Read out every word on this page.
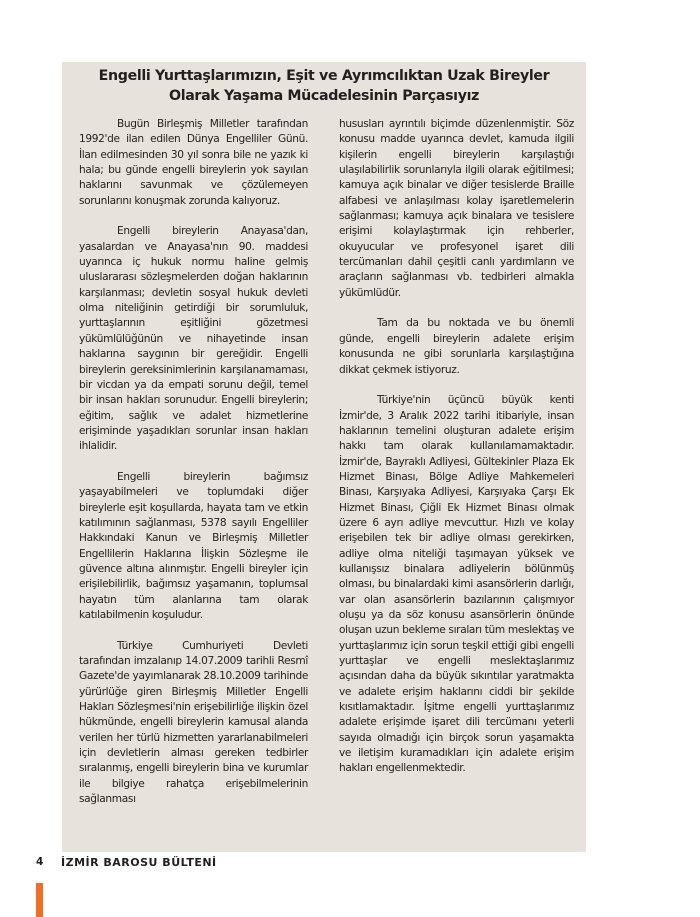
Engelli Yurttaşlarımızın, Eşit ve Ayrımcılıktan Uzak Bireyler
Olarak Yaşama Mücadelesinin Parçasıyız

Bugün Birleşmiş Milletler tarafından 1992'de ilan edilen Dünya Engelliler Günü. İlan edilmesinden 30 yıl sonra bile ne yazık ki hala; bu günde engelli bireylerin yok sayılan haklarını savunmak ve çözülemeyen sorunlarını konuşmak zorunda kalıyoruz.

Engelli bireylerin Anayasa'dan, yasalardan ve Anayasa'nın 90. maddesi uyarınca iç hukuk normu haline gelmiş uluslararası sözleşmelerden doğan haklarının karşılanması; devletin sosyal hukuk devleti olma niteliğinin getirdiği bir sorumluluk, yurttaşlarının eşitliğini gözetmesi yükümlülüğünün ve nihayetinde insan haklarına saygının bir gereğidir. Engelli bireylerin gereksinimlerinin karşılanamaması, bir vicdan ya da empati sorunu değil, temel bir insan hakları sorunudur. Engelli bireylerin; eğitim, sağlık ve adalet hizmetlerine erişiminde yaşadıkları sorunlar insan hakları ihlalidir.

Engelli bireylerin bağımsız yaşayabilmeleri ve toplumdaki diğer bireylerle eşit koşullarda, hayata tam ve etkin katılımının sağlanması, 5378 sayılı Engelliler Hakkındaki Kanun ve Birleşmiş Milletler Engellilerin Haklarına İlişkin Sözleşme ile güvence altına alınmıştır. Engelli bireyler için erişilebilirlik, bağımsız yaşamanın, toplumsal hayatın tüm alanlarına tam olarak katılabilmenin koşuludur.

Türkiye Cumhuriyeti Devleti tarafından imzalanıp 14.07.2009 tarihli Resmî Gazete'de yayımlanarak 28.10.2009 tarihinde yürürlüğe giren Birleşmiş Milletler Engelli Hakları Sözleşmesi'nin erişebilirliğe ilişkin özel hükmünde, engelli bireylerin kamusal alanda verilen her türlü hizmetten yararlanabilmeleri için devletlerin alması gereken tedbirler sıralanmış, engelli bireylerin bina ve kurumlar ile bilgiye rahatça erişebilmelerinin sağlanması

hususları ayrıntılı biçimde düzenlenmiştir. Söz konusu madde uyarınca devlet, kamuda ilgili kişilerin engelli bireylerin karşılaştığı ulaşılabilirlik sorunlarıyla ilgili olarak eğitilmesi; kamuya açık binalar ve diğer tesislerde Braille alfabesi ve anlaşılması kolay işaretlemelerin sağlanması; kamuya açık binalara ve tesislere erişimi kolaylaştırmak için rehberler, okuyucular ve profesyonel işaret dili tercümanları dahil çeşitli canlı yardımların ve araçların sağlanması vb. tedbirleri almakla yükümlüdür.

Tam da bu noktada ve bu önemli günde, engelli bireylerin adalete erişim konusunda ne gibi sorunlarla karşılaştığına dikkat çekmek istiyoruz.

Türkiye'nin üçüncü büyük kenti İzmir'de, 3 Aralık 2022 tarihi itibariyle, insan haklarının temelini oluşturan adalete erişim hakkı tam olarak kullanılamamaktadır. İzmir'de, Bayraklı Adliyesi, Gültekinler Plaza Ek Hizmet Binası, Bölge Adliye Mahkemeleri Binası, Karşıyaka Adliyesi, Karşıyaka Çarşı Ek Hizmet Binası, Çiğli Ek Hizmet Binası olmak üzere 6 ayrı adliye mevcuttur. Hızlı ve kolay erişebilen tek bir adliye olması gerekirken, adliye olma niteliği taşımayan yüksek ve kullanışsız binalara adliyelerin bölünmüş olması, bu binalardaki kimi asansörlerin darlığı, var olan asansörlerin bazılarının çalışmıyor oluşu ya da söz konusu asansörlerin önünde oluşan uzun bekleme sıraları tüm meslektaş ve yurttaşlarımız için sorun teşkil ettiği gibi engelli yurttaşlar ve engelli meslektaşlarımız açısından daha da büyük sıkıntılar yaratmakta ve adalete erişim haklarını ciddi bir şekilde kısıtlamaktadır. İşitme engelli yurttaşlarımız adalete erişimde işaret dili tercümanı yeterli sayıda olmadığı için birçok sorun yaşamakta ve iletişim kuramadıkları için adalete erişim hakları engellenmektedir.

4 İZMİR BAROSU BÜLTENİ
